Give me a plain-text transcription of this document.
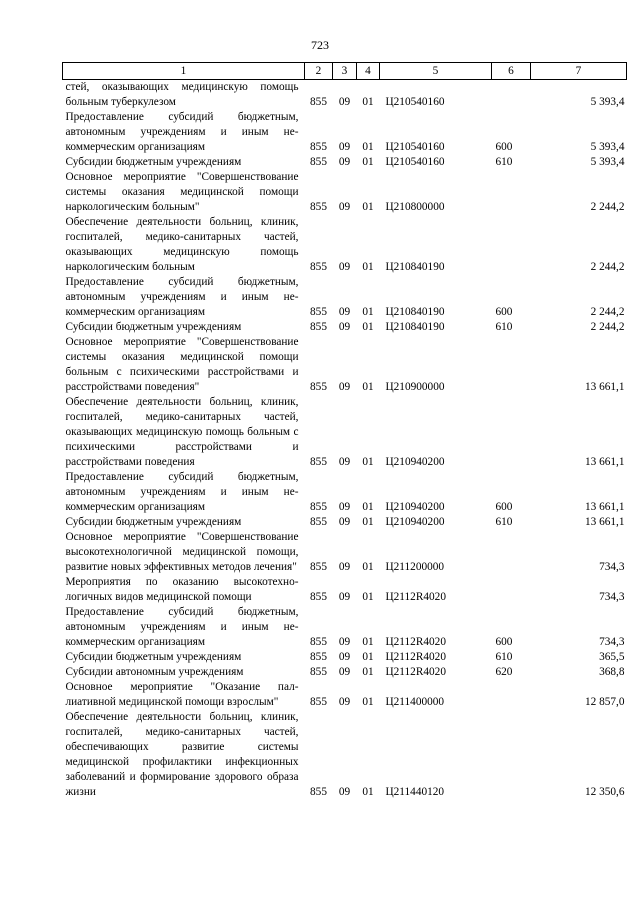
723
1	2	3	4	5	6	7
стей, оказывающих медицинскую помощь больным туберкулезом	855	09	01	Ц210540160		5 393,4
Предоставление субсидий бюджетным, автономным учреждениям и иным некоммерческим организациям	855	09	01	Ц210540160	600	5 393,4
Субсидии бюджетным учреждениям	855	09	01	Ц210540160	610	5 393,4
Основное мероприятие "Совершенствование системы оказания медицинской помощи наркологическим больным"	855	09	01	Ц210800000		2 244,2
Обеспечение деятельности больниц, клиник, госпиталей, медико-санитарных частей, оказывающих медицинскую помощь наркологическим больным	855	09	01	Ц210840190		2 244,2
Предоставление субсидий бюджетным, автономным учреждениям и иным некоммерческим организациям	855	09	01	Ц210840190	600	2 244,2
Субсидии бюджетным учреждениям	855	09	01	Ц210840190	610	2 244,2
Основное мероприятие "Совершенствование системы оказания медицинской помощи больным с психическими расстройствами и расстройствами поведения"	855	09	01	Ц210900000		13 661,1
Обеспечение деятельности больниц, клиник, госпиталей, медико-санитарных частей, оказывающих медицинскую помощь больным с психическими расстройствами и расстройствами поведения	855	09	01	Ц210940200		13 661,1
Предоставление субсидий бюджетным, автономным учреждениям и иным некоммерческим организациям	855	09	01	Ц210940200	600	13 661,1
Субсидии бюджетным учреждениям	855	09	01	Ц210940200	610	13 661,1
Основное мероприятие "Совершенствование высокотехнологичной медицинской помощи, развитие новых эффективных методов лечения"	855	09	01	Ц211200000		734,3
Мероприятия по оказанию высокотехнологичных видов медицинской помощи	855	09	01	Ц2112R4020		734,3
Предоставление субсидий бюджетным, автономным учреждениям и иным некоммерческим организациям	855	09	01	Ц2112R4020	600	734,3
Субсидии бюджетным учреждениям	855	09	01	Ц2112R4020	610	365,5
Субсидии автономным учреждениям	855	09	01	Ц2112R4020	620	368,8
Основное мероприятие "Оказание паллиативной медицинской помощи взрослым"	855	09	01	Ц211400000		12 857,0
Обеспечение деятельности больниц, клиник, госпиталей, медико-санитарных частей, обеспечивающих развитие системы медицинской профилактики инфекционных заболеваний и формирование здорового образа жизни	855	09	01	Ц211440120		12 350,6
